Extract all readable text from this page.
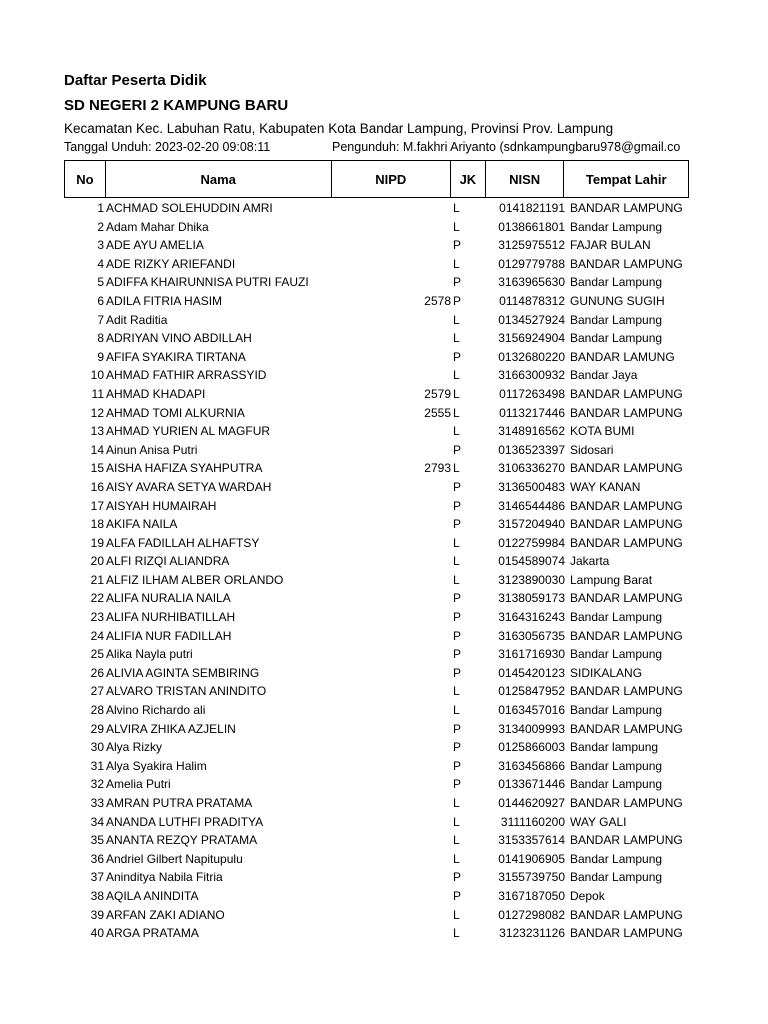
Daftar Peserta Didik
SD NEGERI 2 KAMPUNG BARU
Kecamatan Kec. Labuhan Ratu, Kabupaten Kota Bandar Lampung, Provinsi Prov. Lampung
Tanggal Unduh: 2023-02-20 09:08:11	Pengunduh: M.fakhri Ariyanto (sdnkampungbaru978@gmail.co
No	Nama	NIPD	JK	NISN	Tempat Lahir
1	ACHMAD SOLEHUDDIN AMRI		L	0141821191	BANDAR LAMPUNG
2	Adam Mahar Dhika		L	0138661801	Bandar Lampung
3	ADE AYU AMELIA		P	3125975512	FAJAR BULAN
4	ADE RIZKY ARIEFANDI		L	0129779788	BANDAR LAMPUNG
5	ADIFFA KHAIRUNNISA PUTRI FAUZI		P	3163965630	Bandar Lampung
6	ADILA FITRIA HASIM	2578	P	0114878312	GUNUNG SUGIH
7	Adit Raditia		L	0134527924	Bandar Lampung
8	ADRIYAN VINO ABDILLAH		L	3156924904	Bandar Lampung
9	AFIFA SYAKIRA TIRTANA		P	0132680220	BANDAR LAMUNG
10	AHMAD FATHIR ARRASSYID		L	3166300932	Bandar Jaya
11	AHMAD KHADAPI	2579	L	0117263498	BANDAR LAMPUNG
12	AHMAD TOMI ALKURNIA	2555	L	0113217446	BANDAR LAMPUNG
13	AHMAD YURIEN AL MAGFUR		L	3148916562	KOTA BUMI
14	Ainun Anisa Putri		P	0136523397	Sidosari
15	AISHA HAFIZA SYAHPUTRA	2793	L	3106336270	BANDAR LAMPUNG
16	AISY AVARA SETYA WARDAH		P	3136500483	WAY KANAN
17	AISYAH HUMAIRAH		P	3146544486	BANDAR LAMPUNG
18	AKIFA NAILA		P	3157204940	BANDAR LAMPUNG
19	ALFA FADILLAH ALHAFTSY		L	0122759984	BANDAR LAMPUNG
20	ALFI RIZQI ALIANDRA		L	0154589074	Jakarta
21	ALFIZ ILHAM ALBER ORLANDO		L	3123890030	Lampung Barat
22	ALIFA NURALIA NAILA		P	3138059173	BANDAR LAMPUNG
23	ALIFA NURHIBATILLAH		P	3164316243	Bandar Lampung
24	ALIFIA NUR FADILLAH		P	3163056735	BANDAR LAMPUNG
25	Alika Nayla putri		P	3161716930	Bandar Lampung
26	ALIVIA AGINTA SEMBIRING		P	0145420123	SIDIKALANG
27	ALVARO TRISTAN ANINDITO		L	0125847952	BANDAR LAMPUNG
28	Alvino Richardo ali		L	0163457016	Bandar Lampung
29	ALVIRA ZHIKA AZJELIN		P	3134009993	BANDAR LAMPUNG
30	Alya Rizky		P	0125866003	Bandar lampung
31	Alya Syakira Halim		P	3163456866	Bandar Lampung
32	Amelia Putri		P	0133671446	Bandar Lampung
33	AMRAN PUTRA PRATAMA		L	0144620927	BANDAR LAMPUNG
34	ANANDA LUTHFI PRADITYA		L	3111160200	WAY GALI
35	ANANTA REZQY PRATAMA		L	3153357614	BANDAR LAMPUNG
36	Andriel Gilbert Napitupulu		L	0141906905	Bandar Lampung
37	Aninditya Nabila Fitria		P	3155739750	Bandar Lampung
38	AQILA ANINDITA		P	3167187050	Depok
39	ARFAN ZAKI ADIANO		L	0127298082	BANDAR LAMPUNG
40	ARGA PRATAMA		L	3123231126	BANDAR LAMPUNG
